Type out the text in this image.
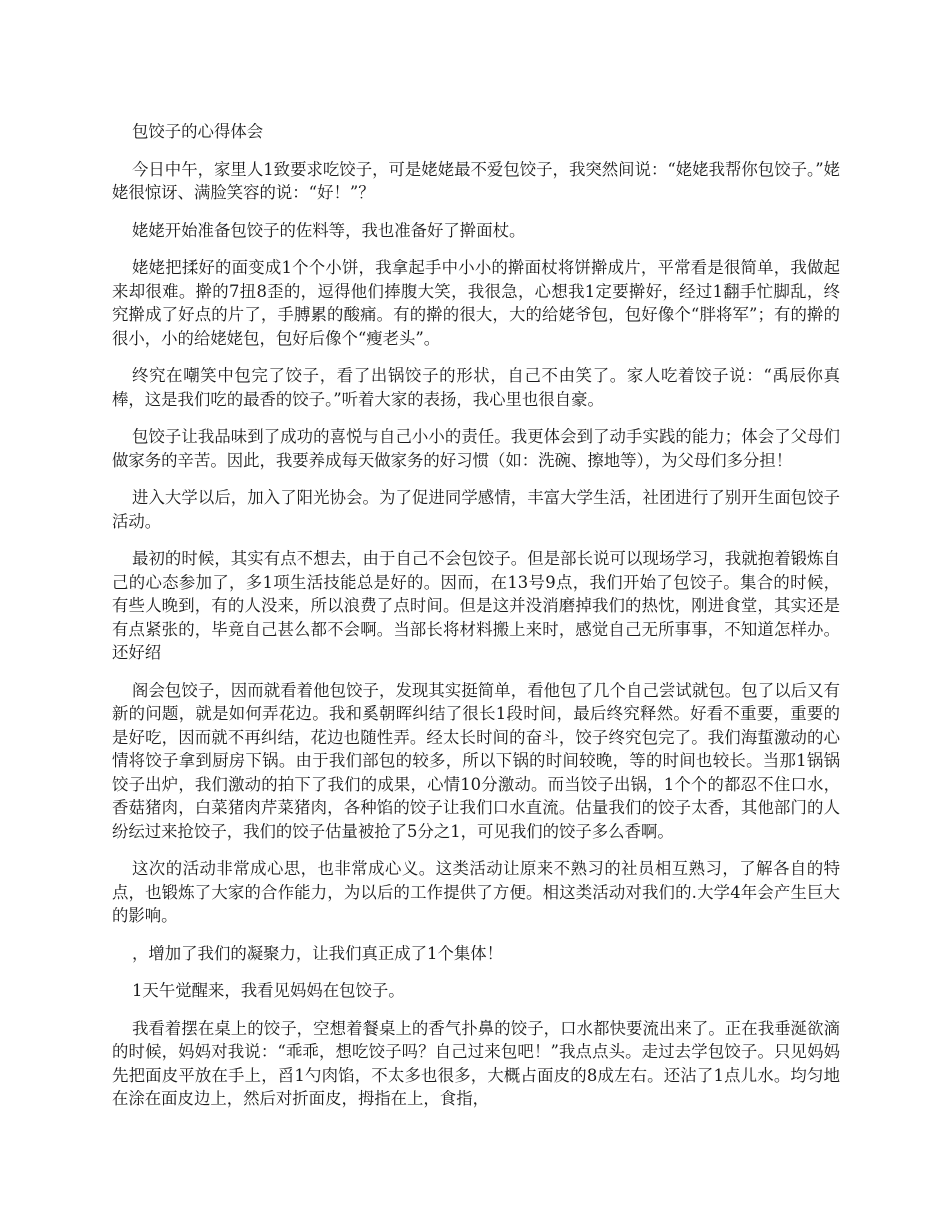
包饺子的心得体会

今日中午，家里人1致要求吃饺子，可是姥姥最不爱包饺子，我突然间说：“姥姥我帮你包饺子。”姥姥很惊讶、满脸笑容的说：“好！”？

姥姥开始准备包饺子的佐料等，我也准备好了擀面杖。

姥姥把揉好的面变成1个个小饼，我拿起手中小小的擀面杖将饼擀成片，平常看是很简单，我做起来却很难。擀的7扭8歪的，逗得他们捧腹大笑，我很急，心想我1定要擀好，经过1翻手忙脚乱，终究擀成了好点的片了，手膊累的酸痛。有的擀的很大，大的给姥爷包，包好像个“胖将军”；有的擀的很小，小的给姥姥包，包好后像个“瘦老头”。

终究在嘲笑中包完了饺子，看了出锅饺子的形状，自己不由笑了。家人吃着饺子说：“禹辰你真棒，这是我们吃的最香的饺子。”听着大家的表扬，我心里也很自豪。

包饺子让我品味到了成功的喜悦与自己小小的责任。我更体会到了动手实践的能力；体会了父母们做家务的辛苦。因此，我要养成每天做家务的好习惯（如：洗碗、擦地等），为父母们多分担！

进入大学以后，加入了阳光协会。为了促进同学感情，丰富大学生活，社团进行了别开生面包饺子活动。

最初的时候，其实有点不想去，由于自己不会包饺子。但是部长说可以现场学习，我就抱着锻炼自己的心态参加了，多1项生活技能总是好的。因而，在13号9点，我们开始了包饺子。集合的时候，有些人晚到，有的人没来，所以浪费了点时间。但是这并没消磨掉我们的热忱，刚进食堂，其实还是有点紧张的，毕竟自己甚么都不会啊。当部长将材料搬上来时，感觉自己无所事事，不知道怎样办。还好绍

阁会包饺子，因而就看着他包饺子，发现其实挺简单，看他包了几个自己尝试就包。包了以后又有新的问题，就是如何弄花边。我和奚朝晖纠结了很长1段时间，最后终究释然。好看不重要，重要的是好吃，因而就不再纠结，花边也随性弄。经太长时间的奋斗，饺子终究包完了。我们海蜇激动的心情将饺子拿到厨房下锅。由于我们部包的较多，所以下锅的时间较晚，等的时间也较长。当那1锅锅饺子出炉，我们激动的拍下了我们的成果，心情10分激动。而当饺子出锅，1个个的都忍不住口水，香菇猪肉，白菜猪肉芹菜猪肉，各种馅的饺子让我们口水直流。估量我们的饺子太香，其他部门的人纷纭过来抢饺子，我们的饺子估量被抢了5分之1，可见我们的饺子多么香啊。

这次的活动非常成心思，也非常成心义。这类活动让原来不熟习的社员相互熟习，了解各自的特点，也锻炼了大家的合作能力，为以后的工作提供了方便。相这类活动对我们的.大学4年会产生巨大的影响。

，增加了我们的凝聚力，让我们真正成了1个集体！

1天午觉醒来，我看见妈妈在包饺子。

我看着摆在桌上的饺子，空想着餐桌上的香气扑鼻的饺子，口水都快要流出来了。正在我垂涎欲滴的时候，妈妈对我说：“乖乖，想吃饺子吗？自己过来包吧！”我点点头。走过去学包饺子。只见妈妈先把面皮平放在手上，舀1勺肉馅，不太多也很多，大概占面皮的8成左右。还沾了1点儿水。均匀地在涂在面皮边上，然后对折面皮，拇指在上，食指，
